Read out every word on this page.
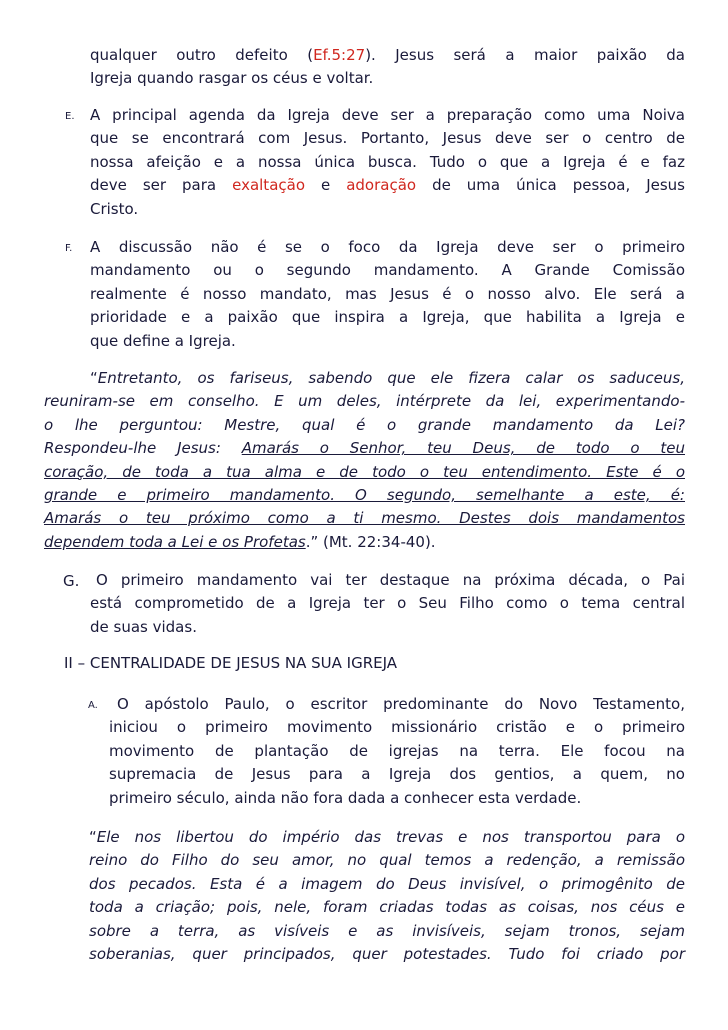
qualquer outro defeito (Ef.5:27). Jesus será a maior paixão da
Igreja quando rasgar os céus e voltar.
E. A principal agenda da Igreja deve ser a preparação como uma Noiva
que se encontrará com Jesus. Portanto, Jesus deve ser o centro de
nossa afeição e a nossa única busca. Tudo o que a Igreja é e faz
deve ser para exaltação e adoração de uma única pessoa, Jesus
Cristo.
F. A discussão não é se o foco da Igreja deve ser o primeiro
mandamento ou o segundo mandamento. A Grande Comissão
realmente é nosso mandato, mas Jesus é o nosso alvo. Ele será a
prioridade e a paixão que inspira a Igreja, que habilita a Igreja e
que define a Igreja.
“Entretanto, os fariseus, sabendo que ele fizera calar os saduceus,
reuniram-se em conselho. E um deles, intérprete da lei, experimentando-
o lhe perguntou: Mestre, qual é o grande mandamento da Lei?
Respondeu-lhe Jesus: Amarás o Senhor, teu Deus, de todo o teu
coração, de toda a tua alma e de todo o teu entendimento. Este é o
grande e primeiro mandamento. O segundo, semelhante a este, é:
Amarás o teu próximo como a ti mesmo. Destes dois mandamentos
dependem toda a Lei e os Profetas.” (Mt. 22:34-40).
G.	O primeiro mandamento vai ter destaque na próxima década, o Pai
está comprometido de a Igreja ter o Seu Filho como o tema central
de suas vidas.
II – CENTRALIDADE DE JESUS NA SUA IGREJA
A.	O apóstolo Paulo, o escritor predominante do Novo Testamento,
iniciou o primeiro movimento missionário cristão e o primeiro
movimento de plantação de igrejas na terra. Ele focou na
supremacia de Jesus para a Igreja dos gentios, a quem, no
primeiro século, ainda não fora dada a conhecer esta verdade.
“Ele nos libertou do império das trevas e nos transportou para o
reino do Filho do seu amor, no qual temos a redenção, a remissão
dos pecados. Esta é a imagem do Deus invisível, o primogênito de
toda a criação; pois, nele, foram criadas todas as coisas, nos céus e
sobre a terra, as visíveis e as invisíveis, sejam tronos, sejam
soberanias, quer principados, quer potestades. Tudo foi criado por
